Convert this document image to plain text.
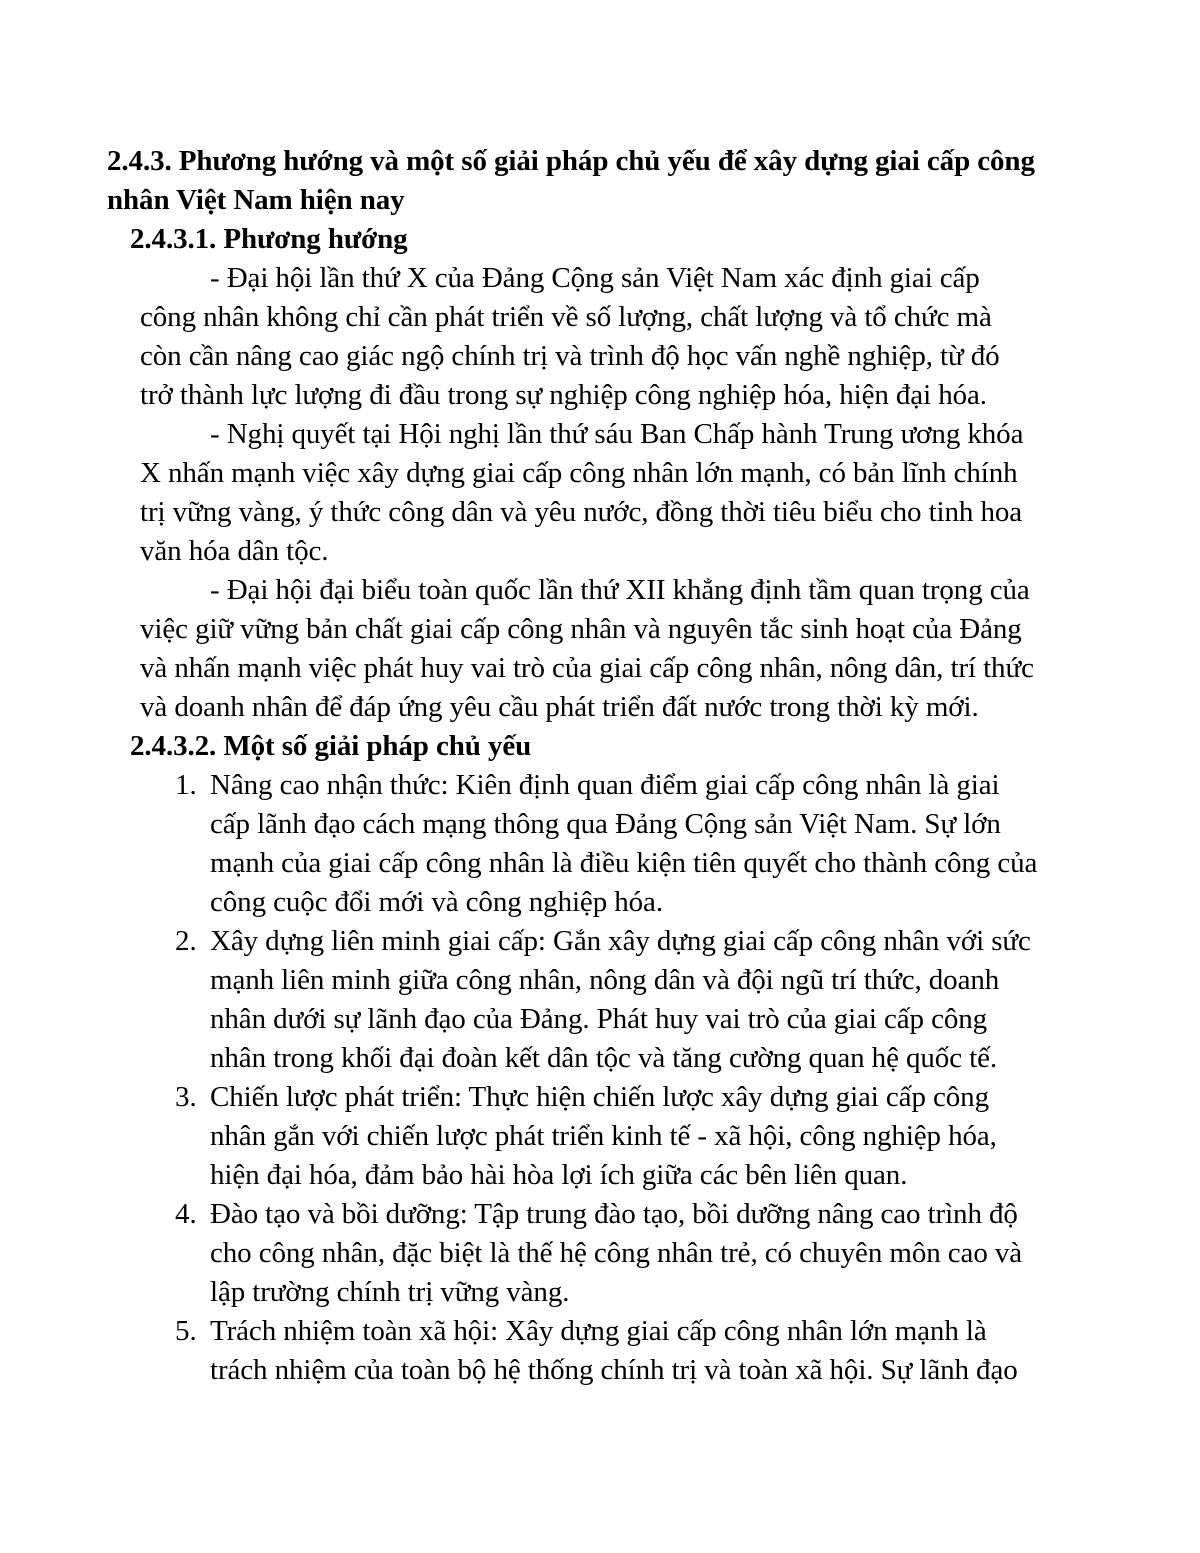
2.4.3. Phương hướng và một số giải pháp chủ yếu để xây dựng giai cấp công
nhân Việt Nam hiện nay
2.4.3.1. Phương hướng
- Đại hội lần thứ X của Đảng Cộng sản Việt Nam xác định giai cấp
công nhân không chỉ cần phát triển về số lượng, chất lượng và tổ chức mà
còn cần nâng cao giác ngộ chính trị và trình độ học vấn nghề nghiệp, từ đó
trở thành lực lượng đi đầu trong sự nghiệp công nghiệp hóa, hiện đại hóa.
- Nghị quyết tại Hội nghị lần thứ sáu Ban Chấp hành Trung ương khóa
X nhấn mạnh việc xây dựng giai cấp công nhân lớn mạnh, có bản lĩnh chính
trị vững vàng, ý thức công dân và yêu nước, đồng thời tiêu biểu cho tinh hoa
văn hóa dân tộc.
- Đại hội đại biểu toàn quốc lần thứ XII khẳng định tầm quan trọng của
việc giữ vững bản chất giai cấp công nhân và nguyên tắc sinh hoạt của Đảng
và nhấn mạnh việc phát huy vai trò của giai cấp công nhân, nông dân, trí thức
và doanh nhân để đáp ứng yêu cầu phát triển đất nước trong thời kỳ mới.
2.4.3.2. Một số giải pháp chủ yếu
1. Nâng cao nhận thức: Kiên định quan điểm giai cấp công nhân là giai
cấp lãnh đạo cách mạng thông qua Đảng Cộng sản Việt Nam. Sự lớn
mạnh của giai cấp công nhân là điều kiện tiên quyết cho thành công của
công cuộc đổi mới và công nghiệp hóa.
2. Xây dựng liên minh giai cấp: Gắn xây dựng giai cấp công nhân với sức
mạnh liên minh giữa công nhân, nông dân và đội ngũ trí thức, doanh
nhân dưới sự lãnh đạo của Đảng. Phát huy vai trò của giai cấp công
nhân trong khối đại đoàn kết dân tộc và tăng cường quan hệ quốc tế.
3. Chiến lược phát triển: Thực hiện chiến lược xây dựng giai cấp công
nhân gắn với chiến lược phát triển kinh tế - xã hội, công nghiệp hóa,
hiện đại hóa, đảm bảo hài hòa lợi ích giữa các bên liên quan.
4. Đào tạo và bồi dưỡng: Tập trung đào tạo, bồi dưỡng nâng cao trình độ
cho công nhân, đặc biệt là thế hệ công nhân trẻ, có chuyên môn cao và
lập trường chính trị vững vàng.
5. Trách nhiệm toàn xã hội: Xây dựng giai cấp công nhân lớn mạnh là
trách nhiệm của toàn bộ hệ thống chính trị và toàn xã hội. Sự lãnh đạo
